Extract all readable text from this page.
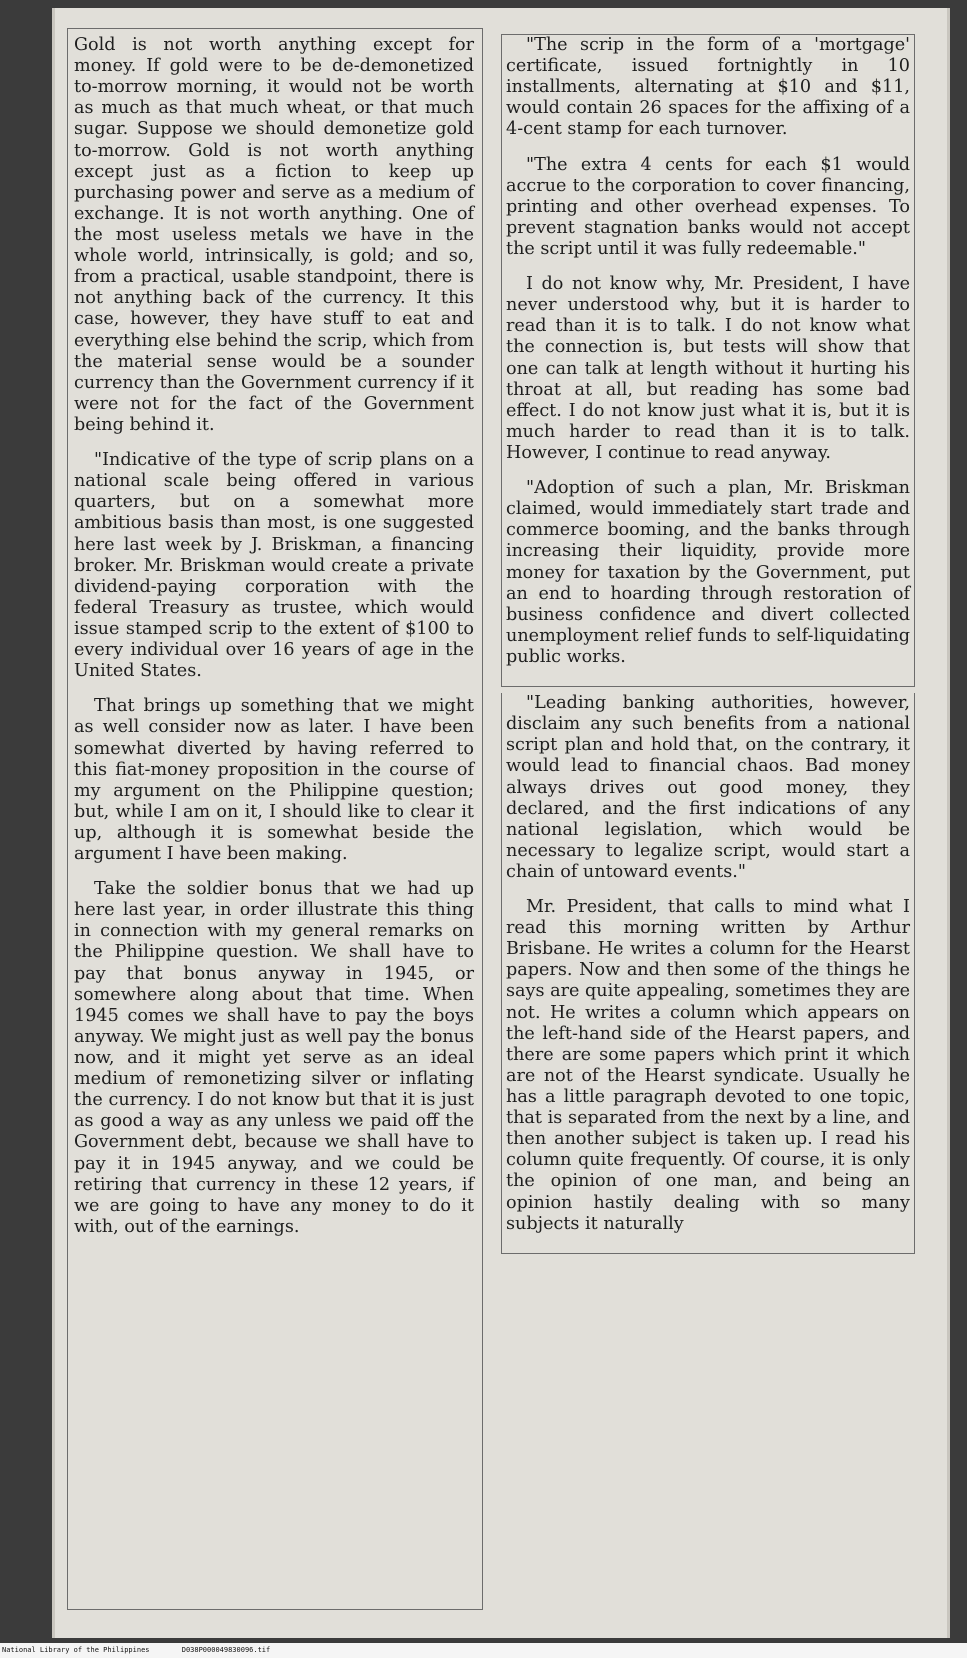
Gold is not worth anything except for money. If gold were to be de-demonetized to-morrow morning, it would not be worth as much as that much wheat, or that much sugar. Suppose we should demonetize gold to-morrow. Gold is not worth anything except just as a fiction to keep up purchasing power and serve as a medium of exchange. It is not worth anything. One of the most useless metals we have in the whole world, intrinsically, is gold; and so, from a practical, usable standpoint, there is not anything back of the currency. It this case, however, they have stuff to eat and everything else behind the scrip, which from the material sense would be a sounder currency than the Government currency if it were not for the fact of the Government being behind it.

"Indicative of the type of scrip plans on a national scale being offered in various quarters, but on a somewhat more ambitious basis than most, is one suggested here last week by J. Briskman, a financing broker. Mr. Briskman would create a private dividend-paying corporation with the federal Treasury as trustee, which would issue stamped scrip to the extent of $100 to every individual over 16 years of age in the United States.

That brings up something that we might as well consider now as later. I have been somewhat diverted by having referred to this fiat-money proposition in the course of my argument on the Philippine question; but, while I am on it, I should like to clear it up, although it is somewhat beside the argument I have been making.

Take the soldier bonus that we had up here last year, in order illustrate this thing in connection with my general remarks on the Philippine question. We shall have to pay that bonus anyway in 1945, or somewhere along about that time. When 1945 comes we shall have to pay the boys anyway. We might just as well pay the bonus now, and it might yet serve as an ideal medium of remonetizing silver or inflating the currency. I do not know but that it is just as good a way as any unless we paid off the Government debt, because we shall have to pay it in 1945 anyway, and we could be retiring that currency in these 12 years, if we are going to have any money to do it with, out of the earnings.

"The scrip in the form of a 'mortgage' certificate, issued fortnightly in 10 installments, alternating at $10 and $11, would contain 26 spaces for the affixing of a 4-cent stamp for each turnover.

"The extra 4 cents for each $1 would accrue to the corporation to cover financing, printing and other overhead expenses. To prevent stagnation banks would not accept the script until it was fully redeemable."

I do not know why, Mr. President, I have never understood why, but it is harder to read than it is to talk. I do not know what the connection is, but tests will show that one can talk at length without it hurting his throat at all, but reading has some bad effect. I do not know just what it is, but it is much harder to read than it is to talk. However, I continue to read anyway.

"Adoption of such a plan, Mr. Briskman claimed, would immediately start trade and commerce booming, and the banks through increasing their liquidity, provide more money for taxation by the Government, put an end to hoarding through restoration of business confidence and divert collected unemployment relief funds to self-liquidating public works.

"Leading banking authorities, however, disclaim any such benefits from a national script plan and hold that, on the contrary, it would lead to financial chaos. Bad money always drives out good money, they declared, and the first indications of any national legislation, which would be necessary to legalize script, would start a chain of untoward events."

Mr. President, that calls to mind what I read this morning written by Arthur Brisbane. He writes a column for the Hearst papers. Now and then some of the things he says are quite appealing, sometimes they are not. He writes a column which appears on the left-hand side of the Hearst papers, and there are some papers which print it which are not of the Hearst syndicate. Usually he has a little paragraph devoted to one topic, that is separated from the next by a line, and then another subject is taken up. I read his column quite frequently. Of course, it is only the opinion of one man, and being an opinion hastily dealing with so many subjects it naturally

National Library of the Philippines	D038P000049830096.tif
